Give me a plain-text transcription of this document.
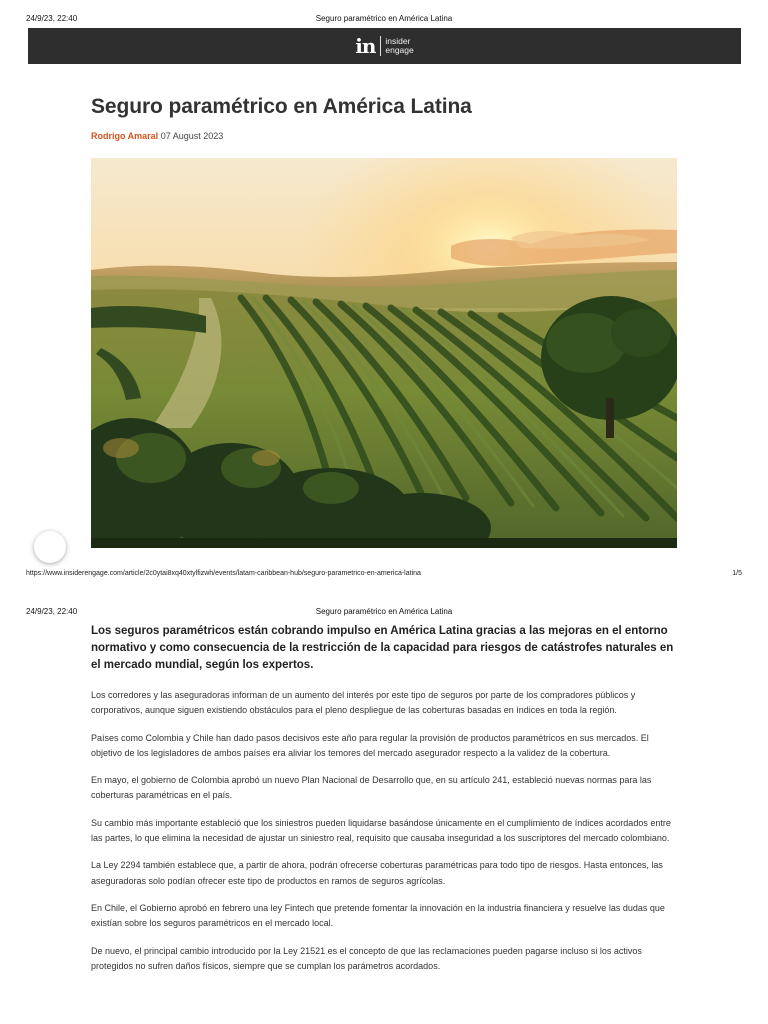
24/9/23, 22:40	Seguro paramétrico en América Latina
in insider
engage
Seguro paramétrico en América Latina
Rodrigo Amaral 07 August 2023
https://www.insiderengage.com/article/2c0ytai8xq40xtylfizwh/events/latam-caribbean-hub/seguro-parametrico-en-america-latina	1/5
24/9/23, 22:40	Seguro paramétrico en América Latina

Los seguros paramétricos están cobrando impulso en América Latina gracias a las mejoras en el entorno normativo y como consecuencia de la restricción de la capacidad para riesgos de catástrofes naturales en el mercado mundial, según los expertos.

Los corredores y las aseguradoras informan de un aumento del interés por este tipo de seguros por parte de los compradores públicos y corporativos, aunque siguen existiendo obstáculos para el pleno despliegue de las coberturas basadas en índices en toda la región.

Países como Colombia y Chile han dado pasos decisivos este año para regular la provisión de productos paramétricos en sus mercados. El objetivo de los legisladores de ambos países era aliviar los temores del mercado asegurador respecto a la validez de la cobertura.

En mayo, el gobierno de Colombia aprobó un nuevo Plan Nacional de Desarrollo que, en su artículo 241, estableció nuevas normas para las coberturas paramétricas en el país.

Su cambio más importante estableció que los siniestros pueden liquidarse basándose únicamente en el cumplimiento de índices acordados entre las partes, lo que elimina la necesidad de ajustar un siniestro real, requisito que causaba inseguridad a los suscriptores del mercado colombiano.

La Ley 2294 también establece que, a partir de ahora, podrán ofrecerse coberturas paramétricas para todo tipo de riesgos. Hasta entonces, las aseguradoras solo podían ofrecer este tipo de productos en ramos de seguros agrícolas.

En Chile, el Gobierno aprobó en febrero una ley Fintech que pretende fomentar la innovación en la industria financiera y resuelve las dudas que existían sobre los seguros paramétricos en el mercado local.

De nuevo, el principal cambio introducido por la Ley 21521 es el concepto de que las reclamaciones pueden pagarse incluso si los activos protegidos no sufren daños físicos, siempre que se cumplan los parámetros acordados.
